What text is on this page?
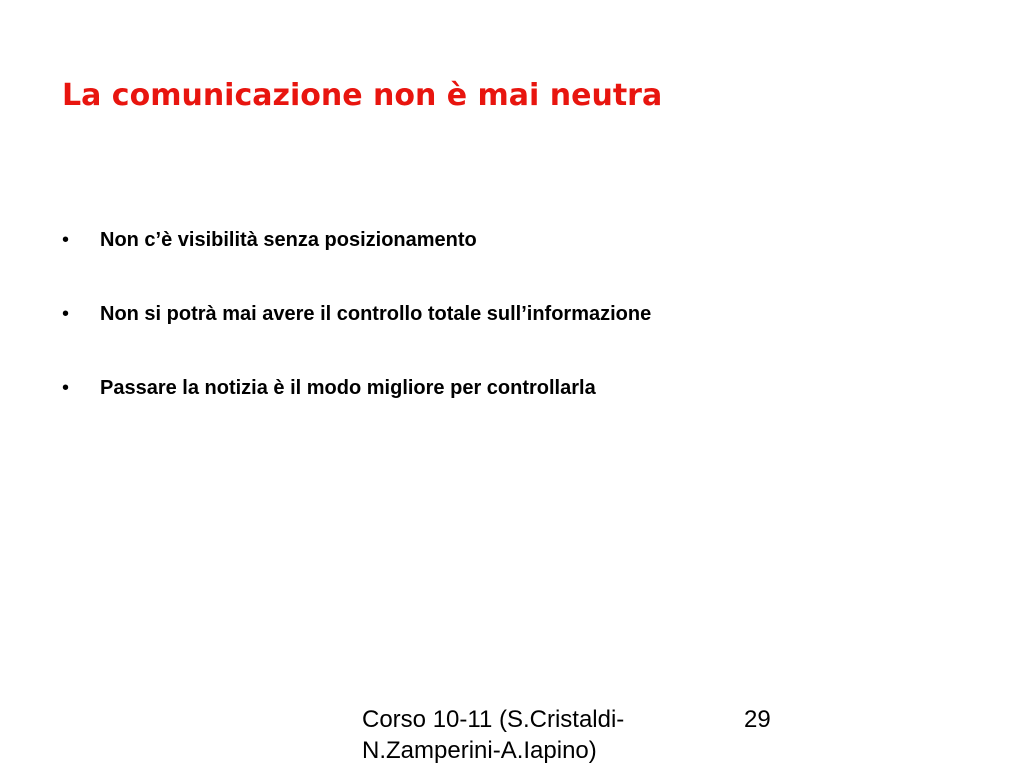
La comunicazione non è mai neutra
•	Non c’è visibilità senza posizionamento
•	Non si potrà mai avere il controllo totale sull’informazione
•	Passare la notizia è il modo migliore per controllarla
Corso 10-11 (S.Cristaldi-
N.Zamperini-A.Iapino)
29
